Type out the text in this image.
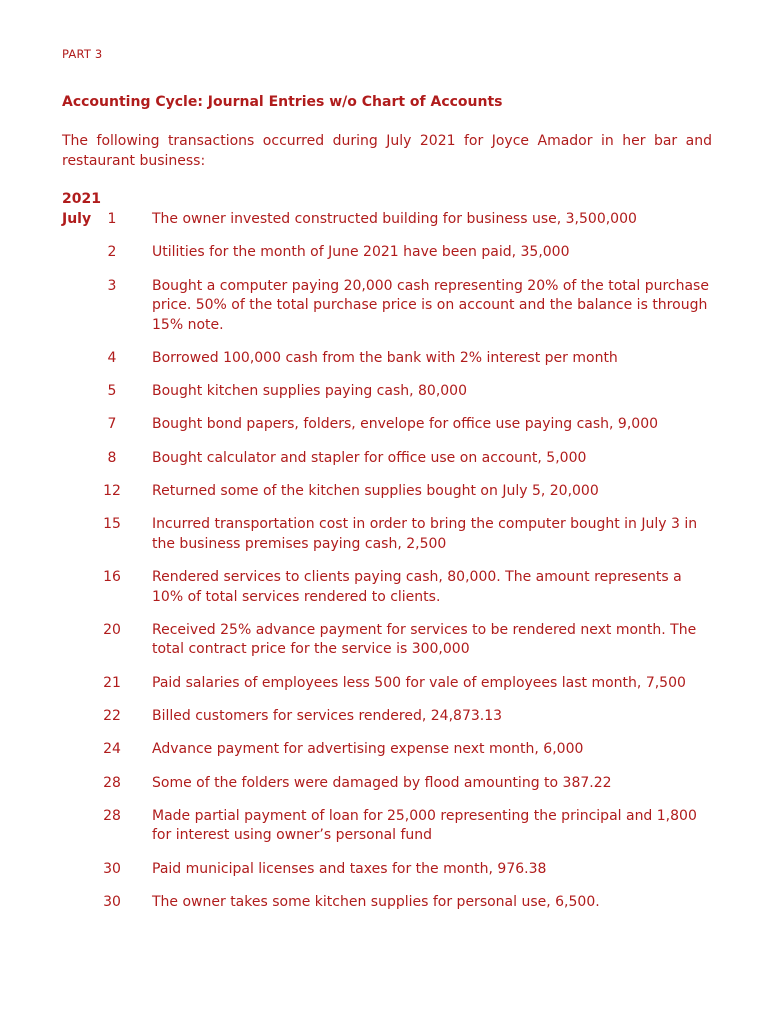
PART 3
Accounting Cycle: Journal Entries w/o Chart of Accounts
The following transactions occurred during July 2021 for Joyce Amador in her bar and restaurant business:
2021
July	1	The owner invested constructed building for business use, 3,500,000
2	Utilities for the month of June 2021 have been paid, 35,000
3	Bought a computer paying 20,000 cash representing 20% of the total purchase price. 50% of the total purchase price is on account and the balance is through 15% note.
4	Borrowed 100,000 cash from the bank with 2% interest per month
5	Bought kitchen supplies paying cash, 80,000
7	Bought bond papers, folders, envelope for office use paying cash, 9,000
8	Bought calculator and stapler for office use on account, 5,000
12 Returned some of the kitchen supplies bought on July 5, 20,000
15 Incurred transportation cost in order to bring the computer bought in July 3 in the business premises paying cash, 2,500
16 Rendered services to clients paying cash, 80,000. The amount represents a 10% of total services rendered to clients.
20 Received 25% advance payment for services to be rendered next month. The total contract price for the service is 300,000
21 Paid salaries of employees less 500 for vale of employees last month, 7,500
22 Billed customers for services rendered, 24,873.13
24 Advance payment for advertising expense next month, 6,000
28 Some of the folders were damaged by flood amounting to 387.22
28 Made partial payment of loan for 25,000 representing the principal and 1,800 for interest using owner’s personal fund
30 Paid municipal licenses and taxes for the month, 976.38
30 The owner takes some kitchen supplies for personal use, 6,500.
